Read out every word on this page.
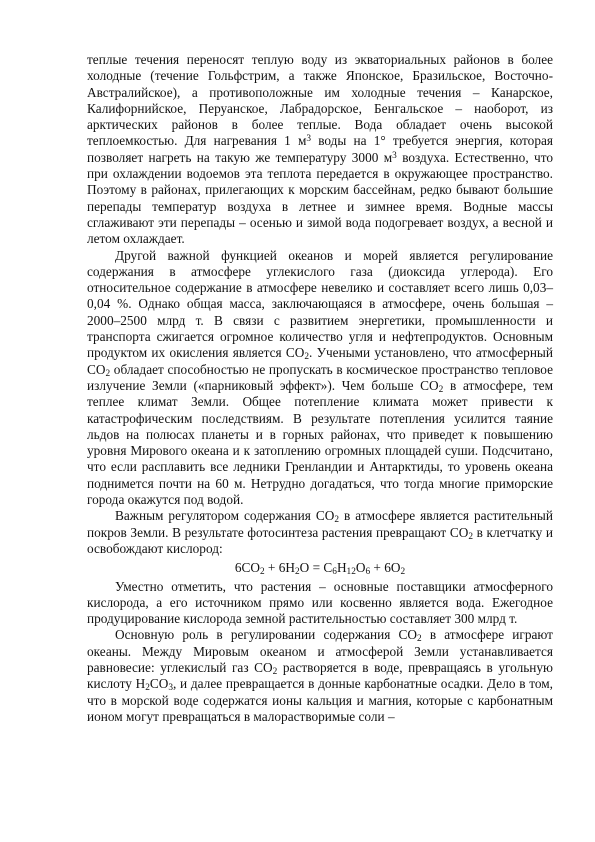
теплые течения переносят теплую воду из экваториальных районов в более холодные (течение Гольфстрим, а также Японское, Бразильское, Восточно-Австралийское), а противоположные им холодные течения – Канарское, Калифорнийское, Перуанское, Лабрадорское, Бенгальское – наоборот, из арктических районов в более теплые. Вода обладает очень высокой теплоемкостью. Для нагревания 1 $м^3$ воды на 1° требуется энергия, которая позволяет нагреть на такую же температуру 3000 $м^3$ воздуха. Естественно, что при охлаждении водоемов эта теплота передается в окружающее пространство. Поэтому в районах, прилегающих к морским бассейнам, редко бывают большие перепады температур воздуха в летнее и зимнее время. Водные массы сглаживают эти перепады – осенью и зимой вода подогревает воздух, а весной и летом охлаждает.

Другой важной функцией океанов и морей является регулирование содержания в атмосфере углекислого газа (диоксида углерода). Его относительное содержание в атмосфере невелико и составляет всего лишь 0,03–0,04 %. Однако общая масса, заключающаяся в атмосфере, очень большая – 2000–2500 млрд т. В связи с развитием энергетики, промышленности и транспорта сжигается огромное количество угля и нефтепродуктов. Основным продуктом их окисления является $CO_2$. Учеными установлено, что атмосферный $CO_2$ обладает способностью не пропускать в космическое пространство тепловое излучение Земли («парниковый эффект»). Чем больше $CO_2$ в атмосфере, тем теплее климат Земли. Общее потепление климата может привести к катастрофическим последствиям. В результате потепления усилится таяние льдов на полюсах планеты и в горных районах, что приведет к повышению уровня Мирового океана и к затоплению огромных площадей суши. Подсчитано, что если расплавить все ледники Гренландии и Антарктиды, то уровень океана поднимется почти на 60 м. Нетрудно догадаться, что тогда многие приморские города окажутся под водой.

Важным регулятором содержания $CO_2$ в атмосфере является растительный покров Земли. В результате фотосинтеза растения превращают $CO_2$ в клетчатку и освобождают кислород:

$6CO_2 + 6H_2O = C_6H_{12}O_6 + 6O_2$

Уместно отметить, что растения – основные поставщики атмосферного кислорода, а его источником прямо или косвенно является вода. Ежегодное продуцирование кислорода земной растительностью составляет 300 млрд т.

Основную роль в регулировании содержания $CO_2$ в атмосфере играют океаны. Между Мировым океаном и атмосферой Земли устанавливается равновесие: углекислый газ $CO_2$ растворяется в воде, превращаясь в угольную кислоту $H_2CO_3$, и далее превращается в донные карбонатные осадки. Дело в том, что в морской воде содержатся ионы кальция и магния, которые с карбонатным ионом могут превращаться в малорастворимые соли –
